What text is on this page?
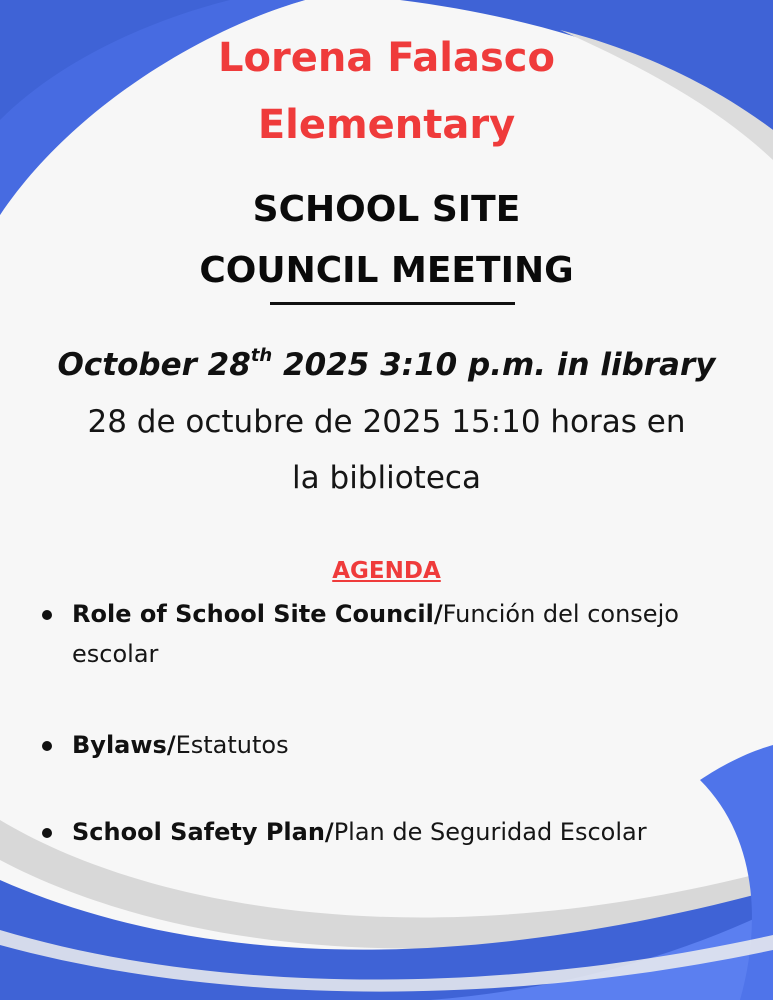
Lorena Falasco
Elementary
SCHOOL SITE
COUNCIL MEETING
October 28th 2025 3:10 p.m. in library
28 de octubre de 2025 15:10 horas en
la biblioteca
AGENDA
Role of School Site Council/Función del consejo escolar
Bylaws/Estatutos
School Safety Plan/Plan de Seguridad Escolar
